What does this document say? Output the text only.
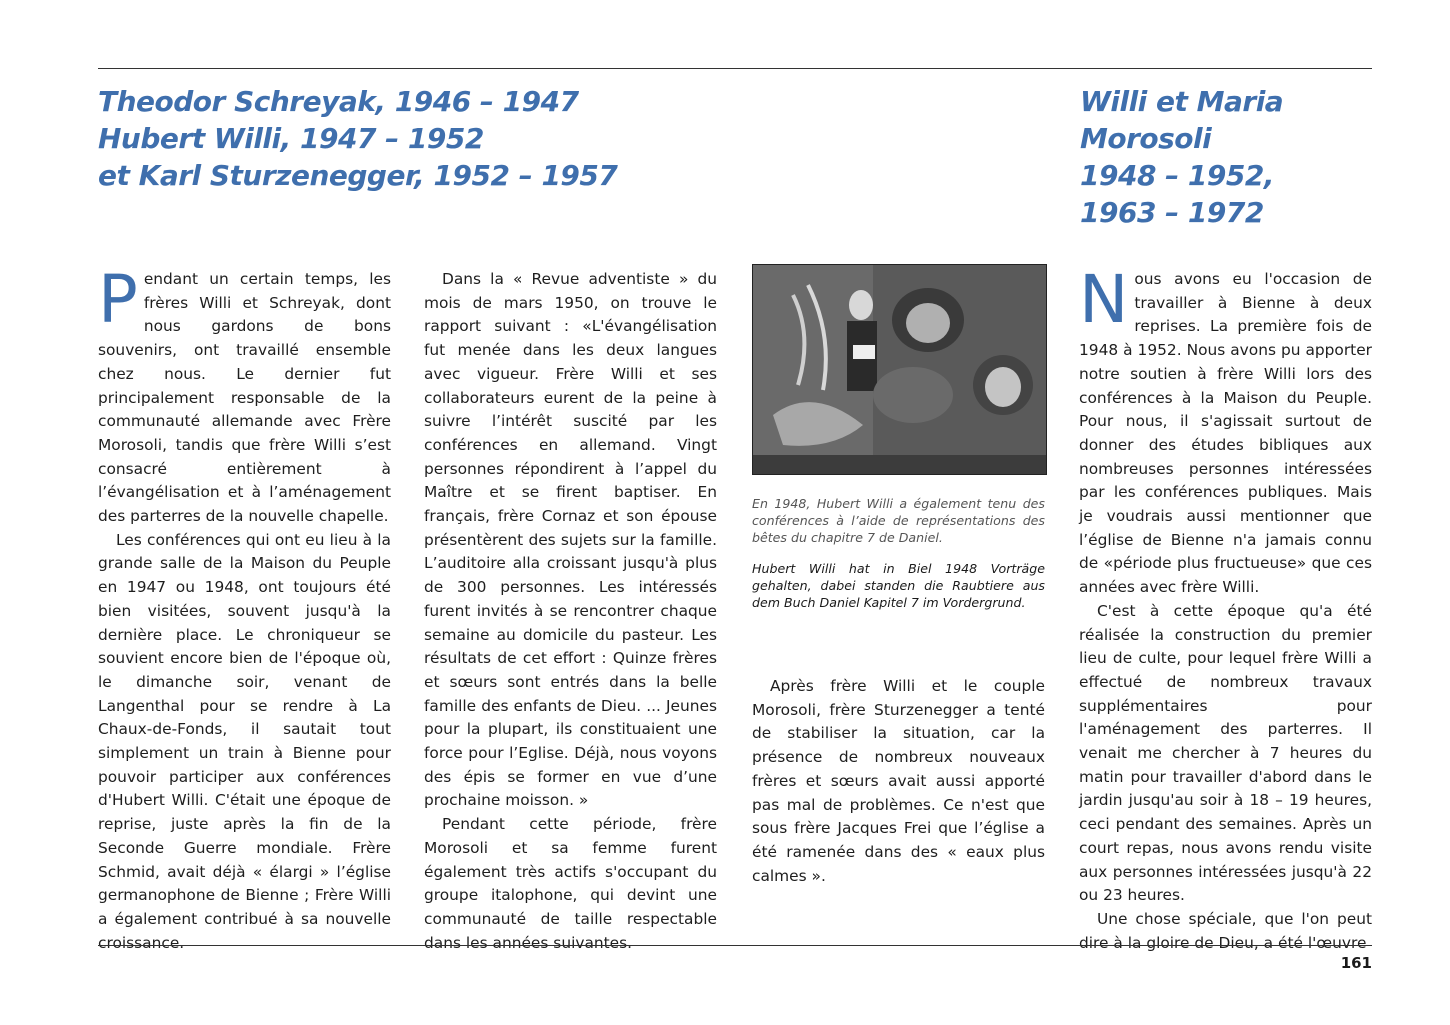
Theodor Schreyak, 1946 – 1947
Hubert Willi, 1947 – 1952
et Karl Sturzenegger, 1952 – 1957
Willi et Maria
Morosoli
1948 – 1952,
1963 – 1972

Pendant un certain temps, les frères Willi et Schreyak, dont nous gardons de bons souvenirs, ont travaillé ensemble chez nous. Le dernier fut principalement responsable de la communauté allemande avec Frère Morosoli, tandis que frère Willi s’est consacré entièrement à l’évangélisation et à l’aménagement des parterres de la nouvelle chapelle.

Les conférences qui ont eu lieu à la grande salle de la Maison du Peuple en 1947 ou 1948, ont toujours été bien visitées, souvent jusqu'à la dernière place. Le chroniqueur se souvient encore bien de l'époque où, le dimanche soir, venant de Langenthal pour se rendre à La Chaux-de-Fonds, il sautait tout simplement un train à Bienne pour pouvoir participer aux conférences d'Hubert Willi. C'était une époque de reprise, juste après la fin de la Seconde Guerre mondiale. Frère Schmid, avait déjà « élargi » l’église germanophone de Bienne ; Frère Willi a également contribué à sa nouvelle croissance.

Dans la « Revue adventiste » du mois de mars 1950, on trouve le rapport suivant : «L'évangélisation fut menée dans les deux langues avec vigueur. Frère Willi et ses collaborateurs eurent de la peine à suivre l’intérêt suscité par les conférences en allemand. Vingt personnes répondirent à l’appel du Maître et se firent baptiser. En français, frère Cornaz et son épouse présentèrent des sujets sur la famille. L’auditoire alla croissant jusqu'à plus de 300 personnes. Les intéressés furent invités à se rencontrer chaque semaine au domicile du pasteur. Les résultats de cet effort : Quinze frères et sœurs sont entrés dans la belle famille des enfants de Dieu. ... Jeunes pour la plupart, ils constituaient une force pour l’Eglise. Déjà, nous voyons des épis se former en vue d’une prochaine moisson. »

Pendant cette période, frère Morosoli et sa femme furent également très actifs s'occupant du groupe italophone, qui devint une communauté de taille respectable dans les années suivantes.

En 1948, Hubert Willi a également tenu des conférences à l’aide de représentations des bêtes du chapitre 7 de Daniel.
Hubert Willi hat in Biel 1948 Vorträge gehalten, dabei standen die Raubtiere aus dem Buch Daniel Kapitel 7 im Vordergrund.

Après frère Willi et le couple Morosoli, frère Sturzenegger a tenté de stabiliser la situation, car la présence de nombreux nouveaux frères et sœurs avait aussi apporté pas mal de problèmes. Ce n'est que sous frère Jacques Frei que l’église a été ramenée dans des « eaux plus calmes ».

Nous avons eu l'occasion de travailler à Bienne à deux reprises. La première fois de 1948 à 1952. Nous avons pu apporter notre soutien à frère Willi lors des conférences à la Maison du Peuple. Pour nous, il s'agissait surtout de donner des études bibliques aux nombreuses personnes intéressées par les conférences publiques. Mais je voudrais aussi mentionner que l’église de Bienne n'a jamais connu de «période plus fructueuse» que ces années avec frère Willi.

C'est à cette époque qu'a été réalisée la construction du premier lieu de culte, pour lequel frère Willi a effectué de nombreux travaux supplémentaires pour l'aménagement des parterres. Il venait me chercher à 7 heures du matin pour travailler d'abord dans le jardin jusqu'au soir à 18 – 19 heures, ceci pendant des semaines. Après un court repas, nous avons rendu visite aux personnes intéressées jusqu'à 22 ou 23 heures.

Une chose spéciale, que l'on peut dire à la gloire de Dieu, a été l'œuvre

161
